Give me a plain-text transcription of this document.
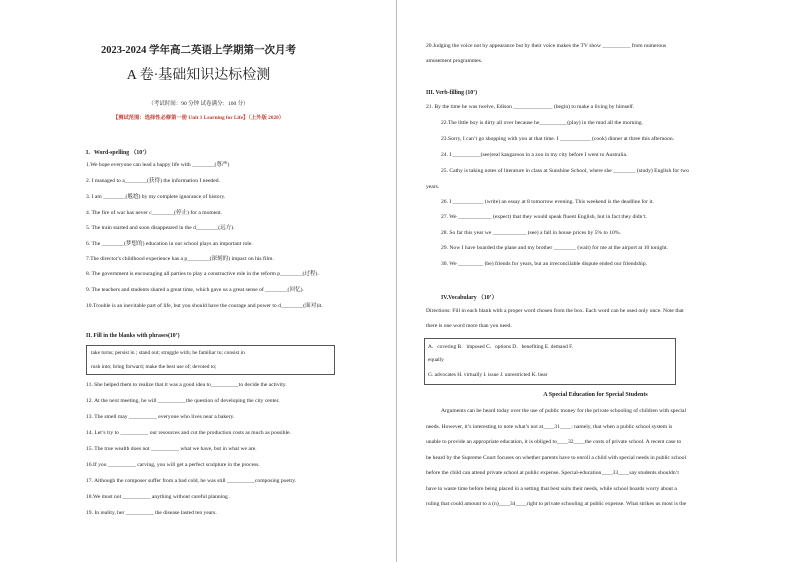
2023-2024 学年高二英语上学期第一次月考
A 卷·基础知识达标检测
（考试时间：90 分钟 试卷满分：100 分）
【测试范围：选择性必修第一册 Unit 1 Learning for Life】（上外版 2020）
I．Word-spelling （10’）
1.We hope everyone can lead a happy life with ________(尊严)
2. I managed to a________(获得) the information I needed.
3. I am ________(尴尬) by my complete ignorance of history.
4. The fire of war has never c________(停止) for a moment.
5. The train started and soon disappeared in the d________(远方).
6. The ________(梦想的) education in our school plays an important role.
7.The director's childhood experience has a p________(深刻的) impact on his film.
8. The government is encouraging all parties to play a constructive role in the reform p________(过程).
9. The teachers and students shared a great time, which gave us a great sense of ________(回忆).
10.Trouble is an inevitable part of life, but you should have the courage and power to d________(面对)it.
II. Fill in the blanks with phrases(10’)
take turns; persist in ; stand out; struggle with; be familiar to; consist in
rush into; bring forward; make the best use of; devoted to;
11. She helped them to realize that it was a good idea to__________to decide the activity.
12. At the next meeting, he will __________the question of developing the city center.
13. The smell may __________ everyone who lives near a bakery.
14. Let’s try to __________ our resources and cut the production costs as much as possible.
15. The true wealth does not __________ what we have, but in what we are.
16.If you __________ carving, you will get a perfect sculpture in the process.
17. Although the composer suffer from a bad cold, he was still __________composing poetry.
18.We must not __________ anything without careful planning .
19. In reality, her __________ the disease lasted ten years.
20.Judging the voice not by appearance but by their voice makes the TV show __________ from numerous
amusement programmes.
III. Verb-filling (10’)
21. By the time he was twelve, Edison ______________ (begin) to make a living by himself.
22.The little boy is dirty all over because he__________(play) in the mud all the morning.
23.Sorry, I can’t go shopping with you at that time. I ___________ (cook) dinner at three this afternoon.
24. I __________(see)real kangaroos in a zoo in my city before I went to Australia.
25. Cathy is taking notes of literature in class at Sunshine School, where she ________ (study) English for two
years.
26. I ___________ (write) an essay at 8 tomorrow evening. This weekend is the deadline for it.
27. We ____________ (expect) that they would speak fluent English, but in fact they didn’t.
28. So far this year we ____________ (see) a fall in house prices by 5% to 10%.
29. Now I have boarded the plane and my brother ________ (wait) for me at the airport at 10 tonight.
30. We _________ (be) friends for years, but an irreconcilable dispute ended our friendship.
IV.Vocabulary （10’）
Directions: Fill in each blank with a proper word chosen from the box. Each word can be used only once. Note that
there is one word more than you need.
A．covering B．imposed C．options D．benefiting E. demand F.
equally
G. advocates H. virtually I. issue J. unrestricted K. bear
A Special Education for Special Students
Arguments can be heard today over the use of public money for the private schooling of children with special
needs. However, it’s interesting to note what’s not at____31____: namely, that when a public school system is
unable to provide an appropriate education, it is obliged to____32____the costs of private school. A recent case to
be heard by the Supreme Court focuses on whether parents have to enroll a child with special needs in public school
before the child can attend private school at public expense. Special-education____33____say students shouldn’t
have to waste time before being placed in a setting that best suits their needs, while school boards worry about a
ruling that could amount to a (n)____34____right to private schooling at public expense. What strikes us most is the
